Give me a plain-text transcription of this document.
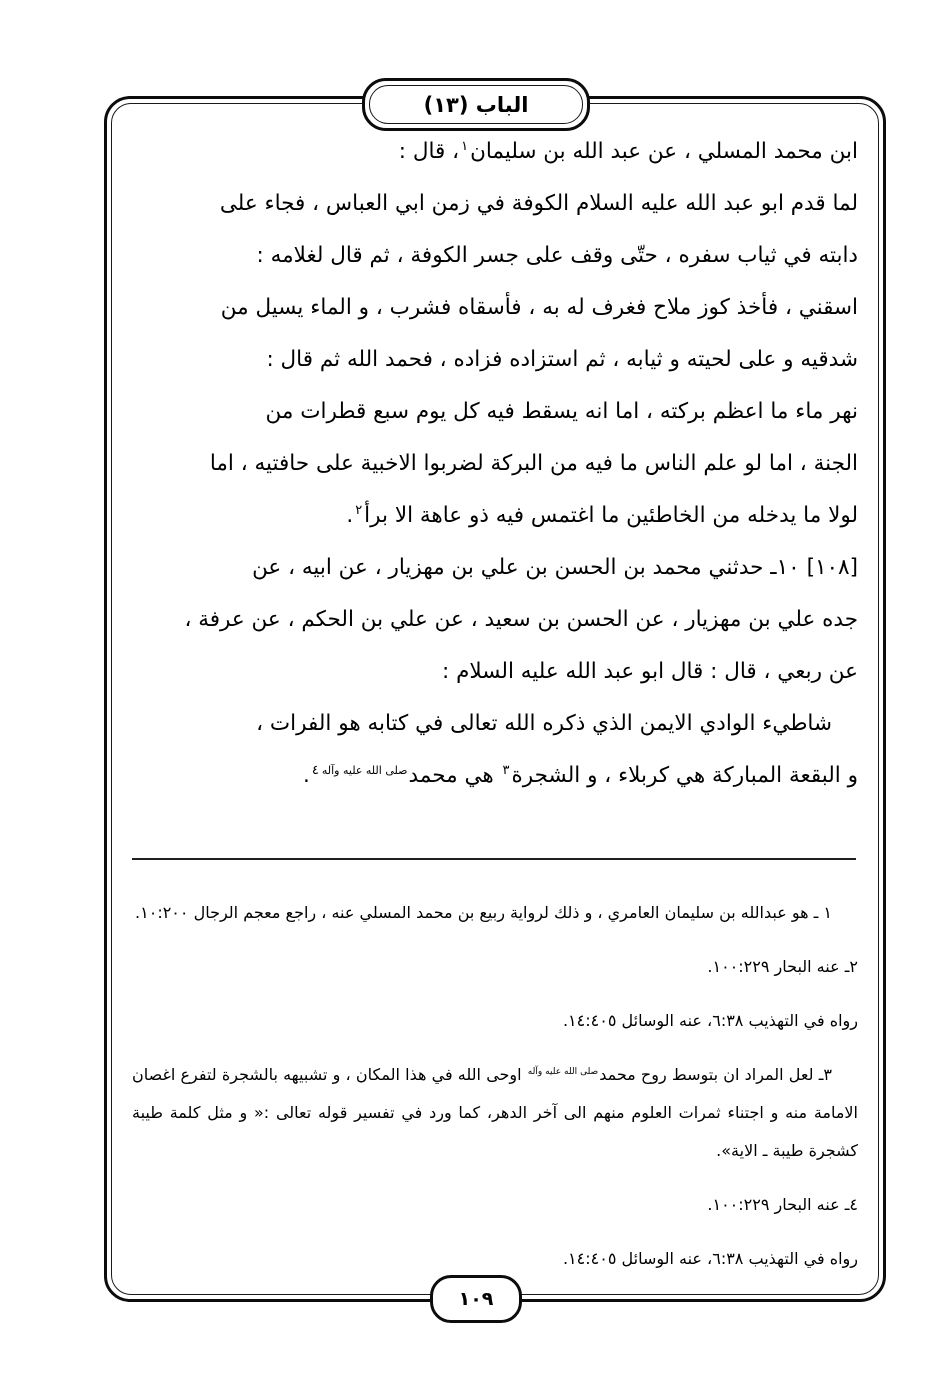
الباب (١٣)

ابن محمد المسلي ، عن عبد الله بن سليمان$^١$، قال :

لما قدم ابو عبد الله عليه السلام الكوفة في زمن ابي العباس ، فجاء على

دابته في ثياب سفره ، حتّى وقف على جسر الكوفة ، ثم قال لغلامه :

اسقني ، فأخذ كوز ملاح فغرف له به ، فأسقاه فشرب ، و الماء يسيل من

شدقيه و على لحيته و ثيابه ، ثم استزاده فزاده ، فحمد الله ثم قال :

نهر ماء ما اعظم بركته ، اما انه يسقط فيه كل يوم سبع قطرات من

الجنة ، اما لو علم الناس ما فيه من البركة لضربوا الاخبية على حافتيه ، اما

لولا ما يدخله من الخاطئين ما اغتمس فيه ذو عاهة الا برأ$^٢$.

[١٠٨] ١٠ـ حدثني محمد بن الحسن بن علي بن مهزيار ، عن ابيه ، عن

جده علي بن مهزيار ، عن الحسن بن سعيد ، عن علي بن الحكم ، عن عرفة ،

عن ربعي ، قال : قال ابو عبد الله عليه السلام :

شاطيء الوادي الايمن الذي ذكره الله تعالى في كتابه هو الفرات ،

و البقعة المباركة هي كربلاء ، و الشجرة$^٣$ هي محمد$^{صلى الله عليه وآله٤}$.

١ ـ هو عبدالله بن سليمان العامري ، و ذلك لرواية ربيع بن محمد المسلي عنه ، راجع معجم الرجال ١٠:٢٠٠.

٢ـ عنه البحار ١٠٠:٢٢٩.

رواه في التهذيب ٦:٣٨، عنه الوسائل ١٤:٤٠٥.

٣ـ لعل المراد ان بتوسط روح محمد$^{صلى الله عليه وآله}$ اوحى الله في هذا المكان ، و تشبيهه بالشجرة لتفرع اغصان الامامة منه و اجتناء ثمرات العلوم منهم الى آخر الدهر، كما ورد في تفسير قوله تعالى :« و مثل كلمة طيبة كشجرة طيبة ـ الاية».

٤ـ عنه البحار ١٠٠:٢٢٩.

رواه في التهذيب ٦:٣٨، عنه الوسائل ١٤:٤٠٥.

١٠٩
